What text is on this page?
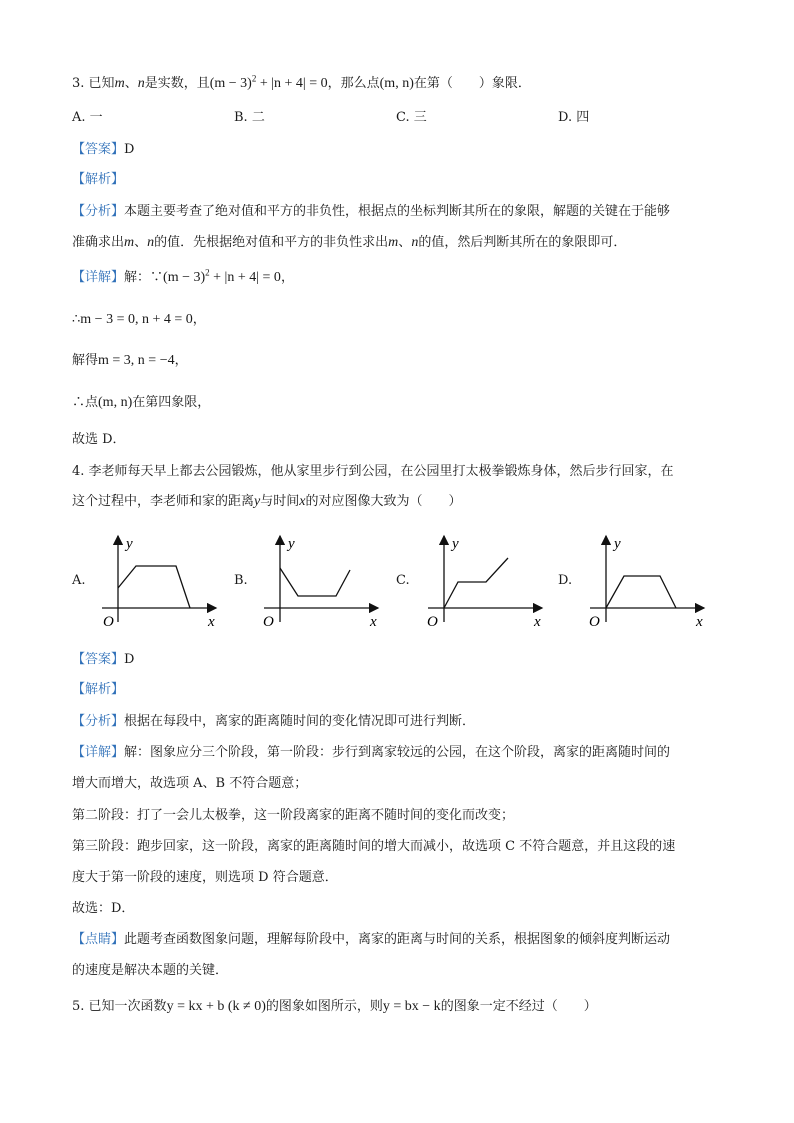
3. 已知m、n是实数，且$(m - 3)^2 + |n + 4| = 0$，那么点(m, n)在第（　　）象限．
A. 一	B. 二	C. 三	D. 四
【答案】D
【解析】
【分析】本题主要考查了绝对值和平方的非负性，根据点的坐标判断其所在的象限，解题的关键在于能够
准确求出m、n的值．先根据绝对值和平方的非负性求出m、n的值，然后判断其所在的象限即可．
【详解】解：∵(m − 3)$^2$ + |n + 4| = 0，
∴m − 3 = 0, n + 4 = 0，
解得m = 3, n = −4，
∴点(m, n)在第四象限，
故选 D．
4. 李老师每天早上都去公园锻炼，他从家里步行到公园，在公园里打太极拳锻炼身体，然后步行回家，在
这个过程中，李老师和家的距离y与时间x的对应图像大致为（　　）
A.
y
x
O
B.
y
x
O
C.
y
x
O
D.
y
x
O
【答案】D
【解析】
【分析】根据在每段中，离家的距离随时间的变化情况即可进行判断．
【详解】解：图象应分三个阶段，第一阶段：步行到离家较远的公园，在这个阶段，离家的距离随时间的
增大而增大，故选项 A、B 不符合题意；
第二阶段：打了一会儿太极拳，这一阶段离家的距离不随时间的变化而改变；
第三阶段：跑步回家，这一阶段，离家的距离随时间的增大而减小，故选项 C 不符合题意，并且这段的速
度大于第一阶段的速度，则选项 D 符合题意．
故选：D．
【点睛】此题考查函数图象问题，理解每阶段中，离家的距离与时间的关系，根据图象的倾斜度判断运动
的速度是解决本题的关键．
5. 已知一次函数y = kx + b (k ≠ 0)的图象如图所示，则y = bx − k的图象一定不经过（　　）
